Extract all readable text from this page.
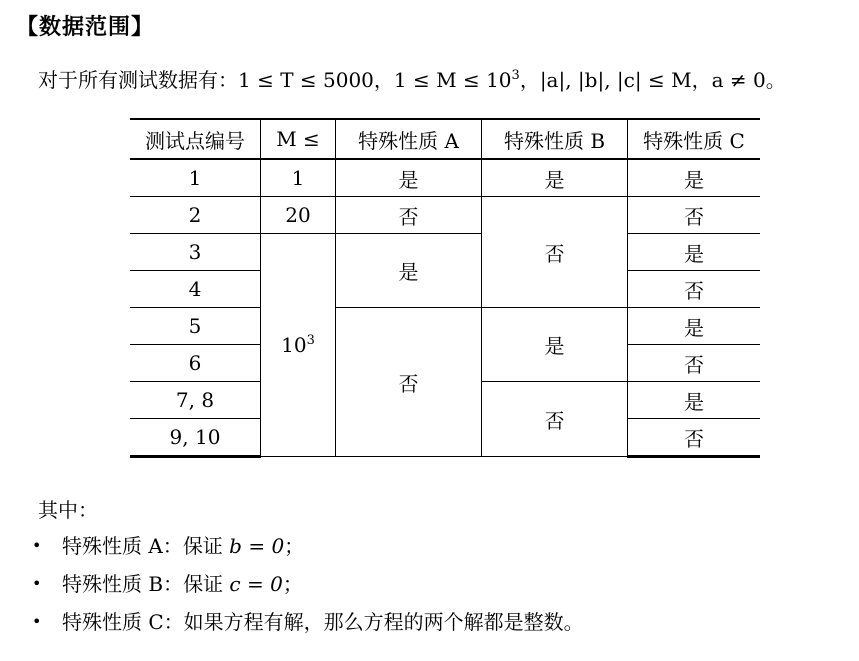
【数据范围】
对于所有测试数据有：1 ≤ T ≤ 5000，$1 \le M \le 10^3$，|a|, |b|, |c| ≤ M，a ≠ 0。
测试点编号	M ≤	特殊性质 A	特殊性质 B	特殊性质 C
1	1	是	是	是
2	20	否	否	否
3	$10^3$	是		是
4				否
5		否	是	是
6				否
7, 8			否	是
9, 10				否
其中：
• 特殊性质 A：保证 b = 0；
• 特殊性质 B：保证 c = 0；
• 特殊性质 C：如果方程有解，那么方程的两个解都是整数。
